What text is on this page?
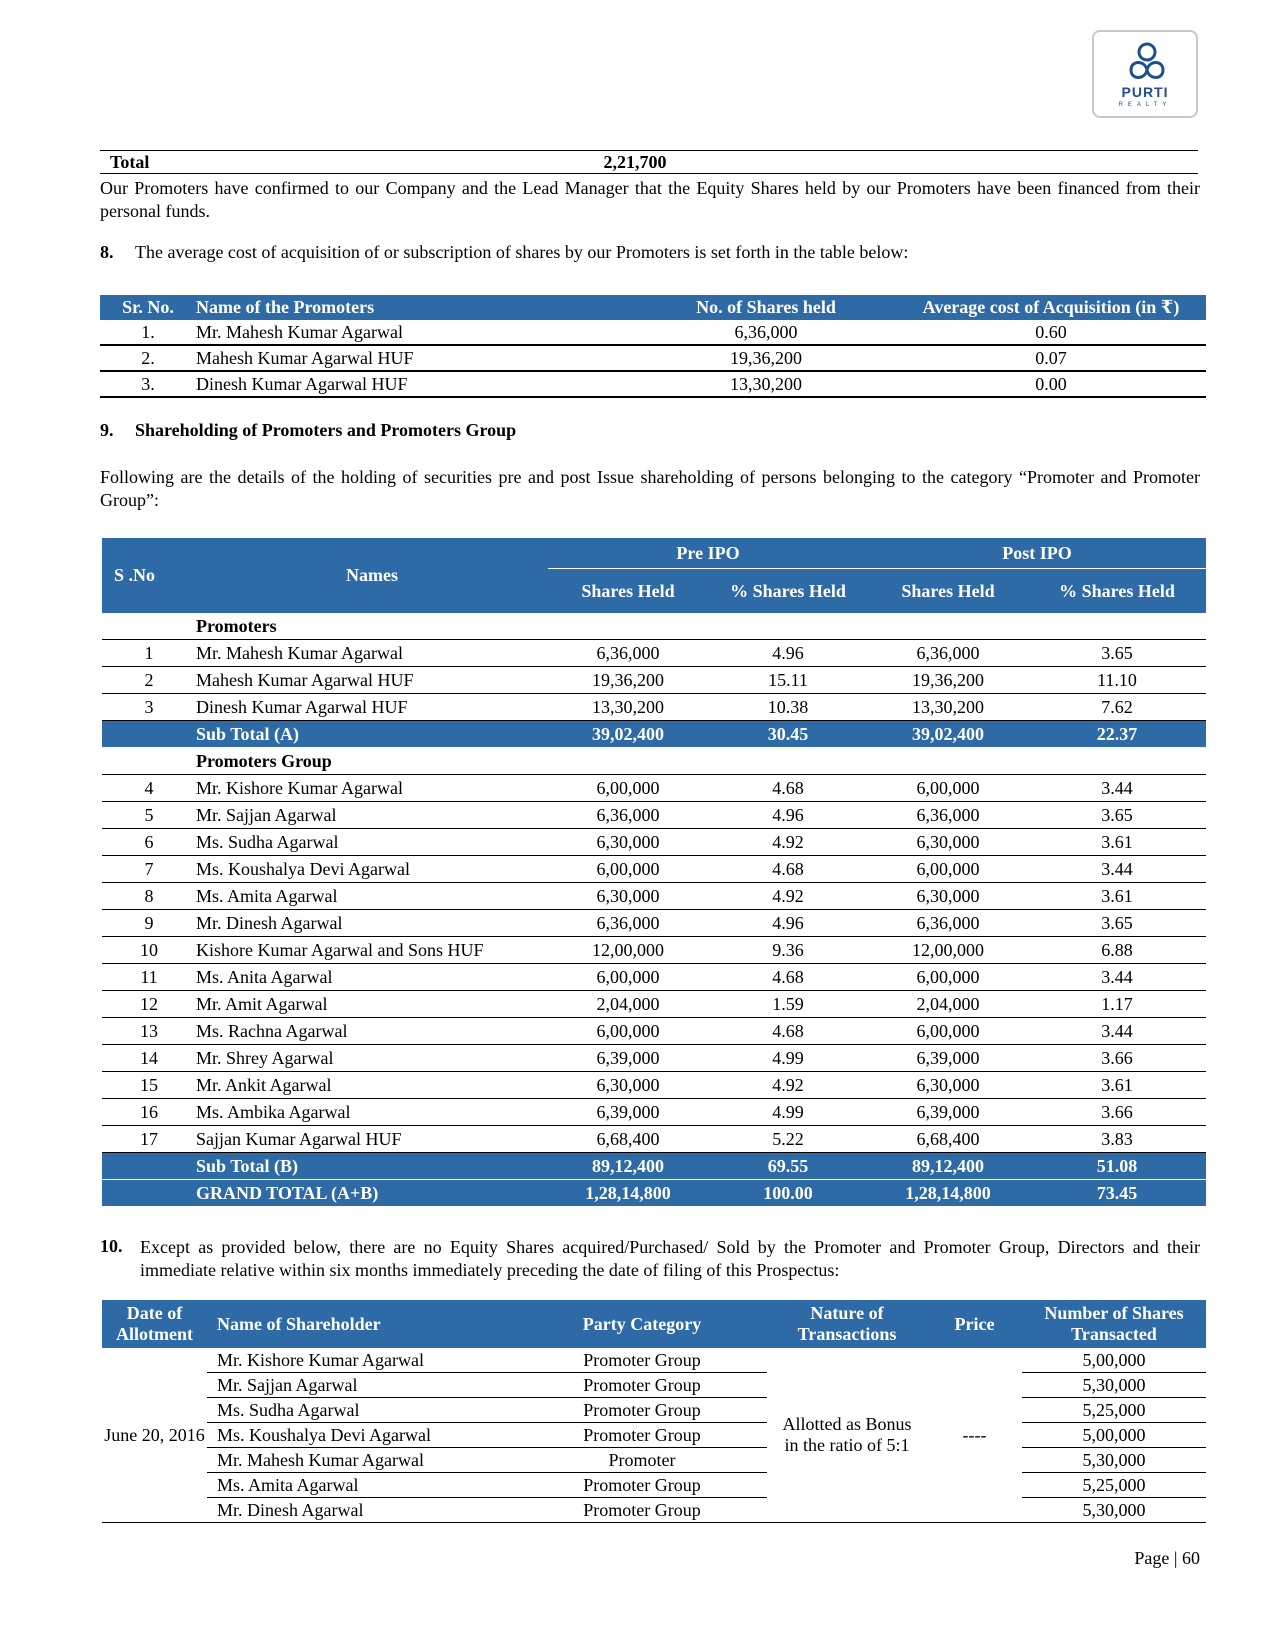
PURTI
REALTY
Total	2,21,700	

Our Promoters have confirmed to our Company and the Lead Manager that the Equity Shares held by our Promoters have been financed from their personal funds.

8. The average cost of acquisition of or subscription of shares by our Promoters is set forth in the table below:
Sr. No.	Name of the Promoters	No. of Shares held	Average cost of Acquisition (in ₹)
1.	Mr. Mahesh Kumar Agarwal	6,36,000	0.60
2.	Mahesh Kumar Agarwal HUF	19,36,200	0.07
3.	Dinesh Kumar Agarwal HUF	13,30,200	0.00
9. Shareholding of Promoters and Promoters Group

Following are the details of the holding of securities pre and post Issue shareholding of persons belonging to the category “Promoter and Promoter Group”:

S .No	Names	Pre IPO		Post IPO	
		Shares Held	% Shares Held	Shares Held	% Shares Held
	Promoters				
1	Mr. Mahesh Kumar Agarwal	6,36,000	4.96	6,36,000	3.65
2	Mahesh Kumar Agarwal HUF	19,36,200	15.11	19,36,200	11.10
3	Dinesh Kumar Agarwal HUF	13,30,200	10.38	13,30,200	7.62
	Sub Total (A)	39,02,400	30.45	39,02,400	22.37
	Promoters Group				
4	Mr. Kishore Kumar Agarwal	6,00,000	4.68	6,00,000	3.44
5	Mr. Sajjan Agarwal	6,36,000	4.96	6,36,000	3.65
6	Ms. Sudha Agarwal	6,30,000	4.92	6,30,000	3.61
7	Ms. Koushalya Devi Agarwal	6,00,000	4.68	6,00,000	3.44
8	Ms. Amita Agarwal	6,30,000	4.92	6,30,000	3.61
9	Mr. Dinesh Agarwal	6,36,000	4.96	6,36,000	3.65
10	Kishore Kumar Agarwal and Sons HUF	12,00,000	9.36	12,00,000	6.88
11	Ms. Anita Agarwal	6,00,000	4.68	6,00,000	3.44
12	Mr. Amit Agarwal	2,04,000	1.59	2,04,000	1.17
13	Ms. Rachna Agarwal	6,00,000	4.68	6,00,000	3.44
14	Mr. Shrey Agarwal	6,39,000	4.99	6,39,000	3.66
15	Mr. Ankit Agarwal	6,30,000	4.92	6,30,000	3.61
16	Ms. Ambika Agarwal	6,39,000	4.99	6,39,000	3.66
17	Sajjan Kumar Agarwal HUF	6,68,400	5.22	6,68,400	3.83
	Sub Total (B)	89,12,400	69.55	89,12,400	51.08
	GRAND TOTAL (A+B)	1,28,14,800	100.00	1,28,14,800	73.45
10. Except as provided below, there are no Equity Shares acquired/Purchased/ Sold by the Promoter and Promoter Group, Directors and their immediate relative within six months immediately preceding the date of filing of this Prospectus:

Date of Allotment	Name of Shareholder	Party Category	Nature of Transactions	Price	Number of Shares Transacted
June 20, 2016	Mr. Kishore Kumar Agarwal	Promoter Group	Allotted as Bonus in the ratio of 5:1	----	5,00,000
	Mr. Sajjan Agarwal	Promoter Group			5,30,000
	Ms. Sudha Agarwal	Promoter Group			5,25,000
	Ms. Koushalya Devi Agarwal	Promoter Group			5,00,000
	Mr. Mahesh Kumar Agarwal	Promoter			5,30,000
	Ms. Amita Agarwal	Promoter Group			5,25,000
	Mr. Dinesh Agarwal	Promoter Group			5,30,000
Page | 60
